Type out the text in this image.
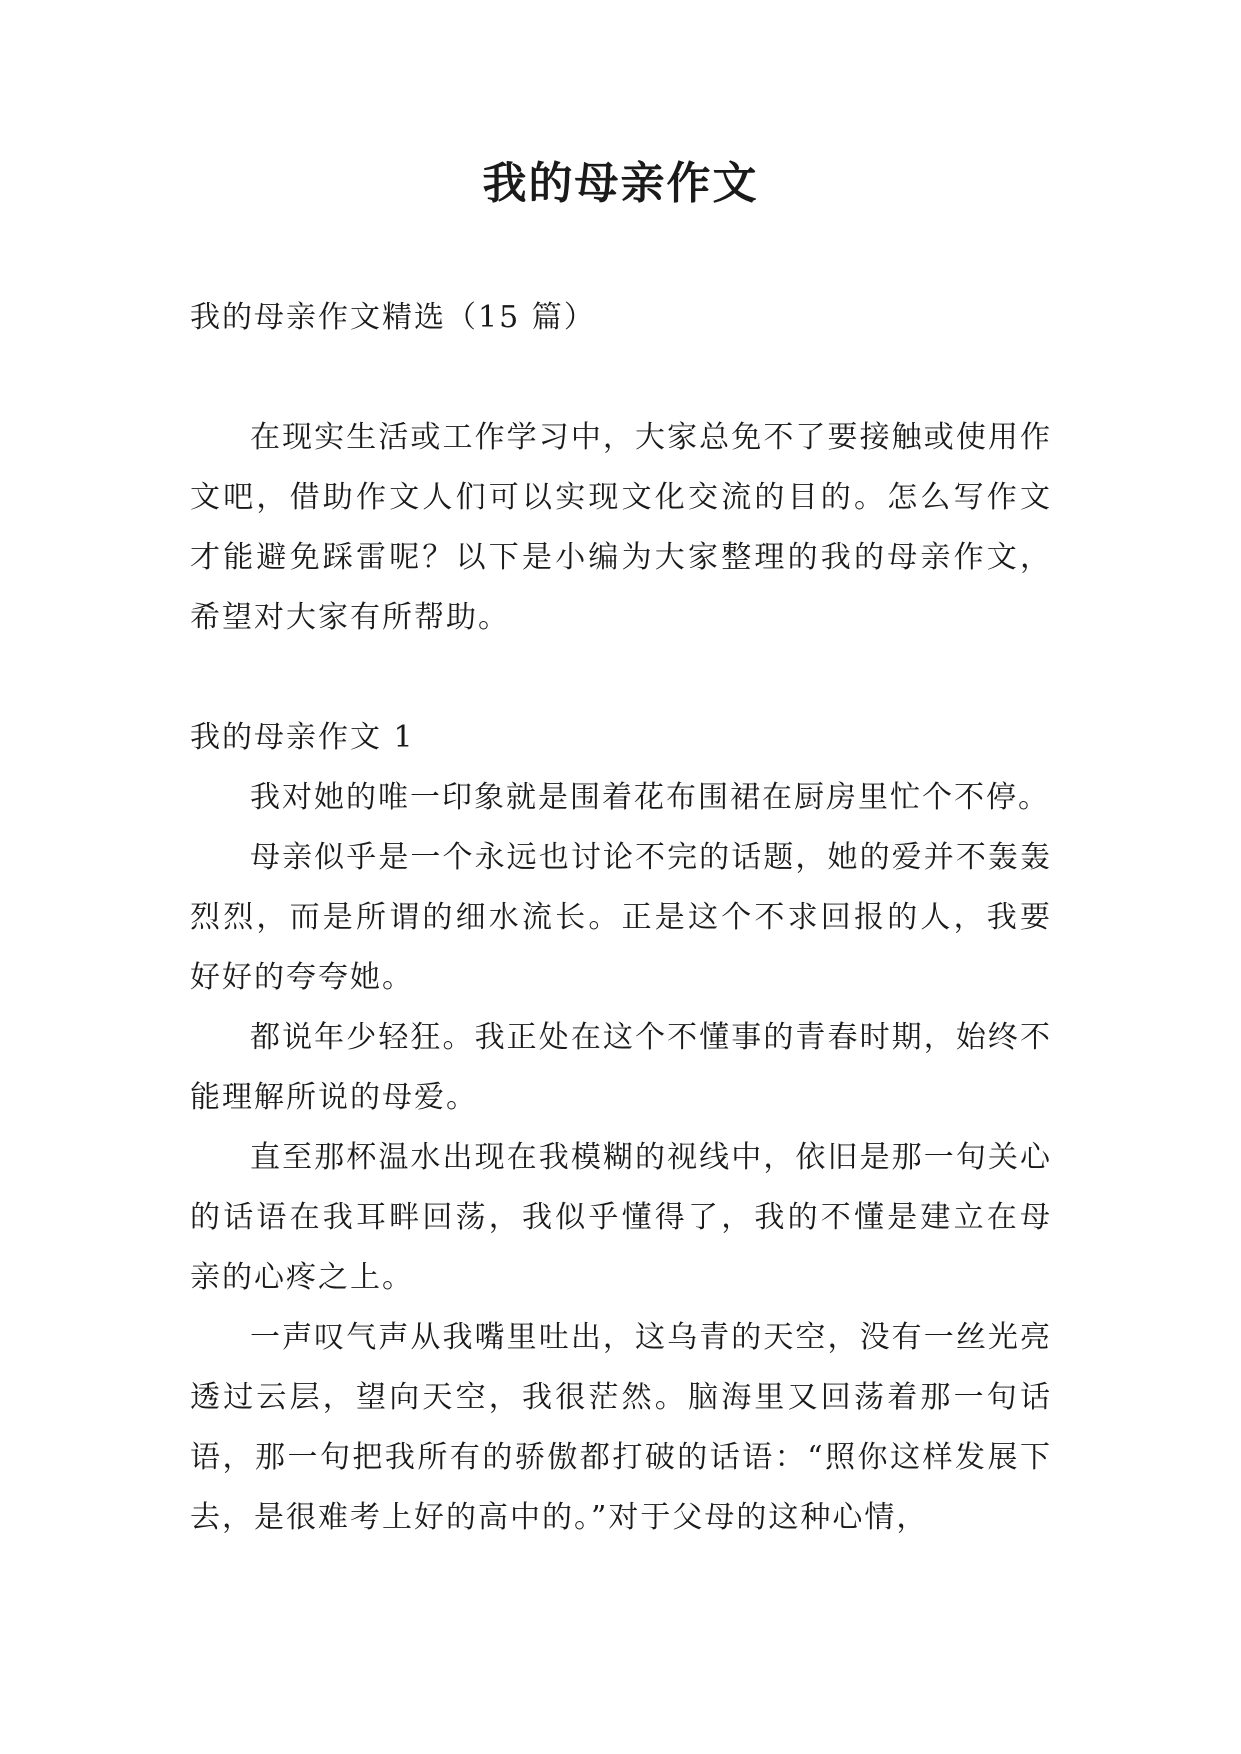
我的母亲作文

我的母亲作文精选（15 篇）

在现实生活或工作学习中，大家总免不了要接触或使用作文吧，借助作文人们可以实现文化交流的目的。怎么写作文才能避免踩雷呢？以下是小编为大家整理的我的母亲作文，希望对大家有所帮助。

我的母亲作文 1

我对她的唯一印象就是围着花布围裙在厨房里忙个不停。

母亲似乎是一个永远也讨论不完的话题，她的爱并不轰轰烈烈，而是所谓的细水流长。正是这个不求回报的人，我要好好的夸夸她。

都说年少轻狂。我正处在这个不懂事的青春时期，始终不能理解所说的母爱。

直至那杯温水出现在我模糊的视线中，依旧是那一句关心的话语在我耳畔回荡，我似乎懂得了，我的不懂是建立在母亲的心疼之上。

一声叹气声从我嘴里吐出，这乌青的天空，没有一丝光亮透过云层，望向天空，我很茫然。脑海里又回荡着那一句话语，那一句把我所有的骄傲都打破的话语：“照你这样发展下去，是很难考上好的高中的。”对于父母的这种心情，
